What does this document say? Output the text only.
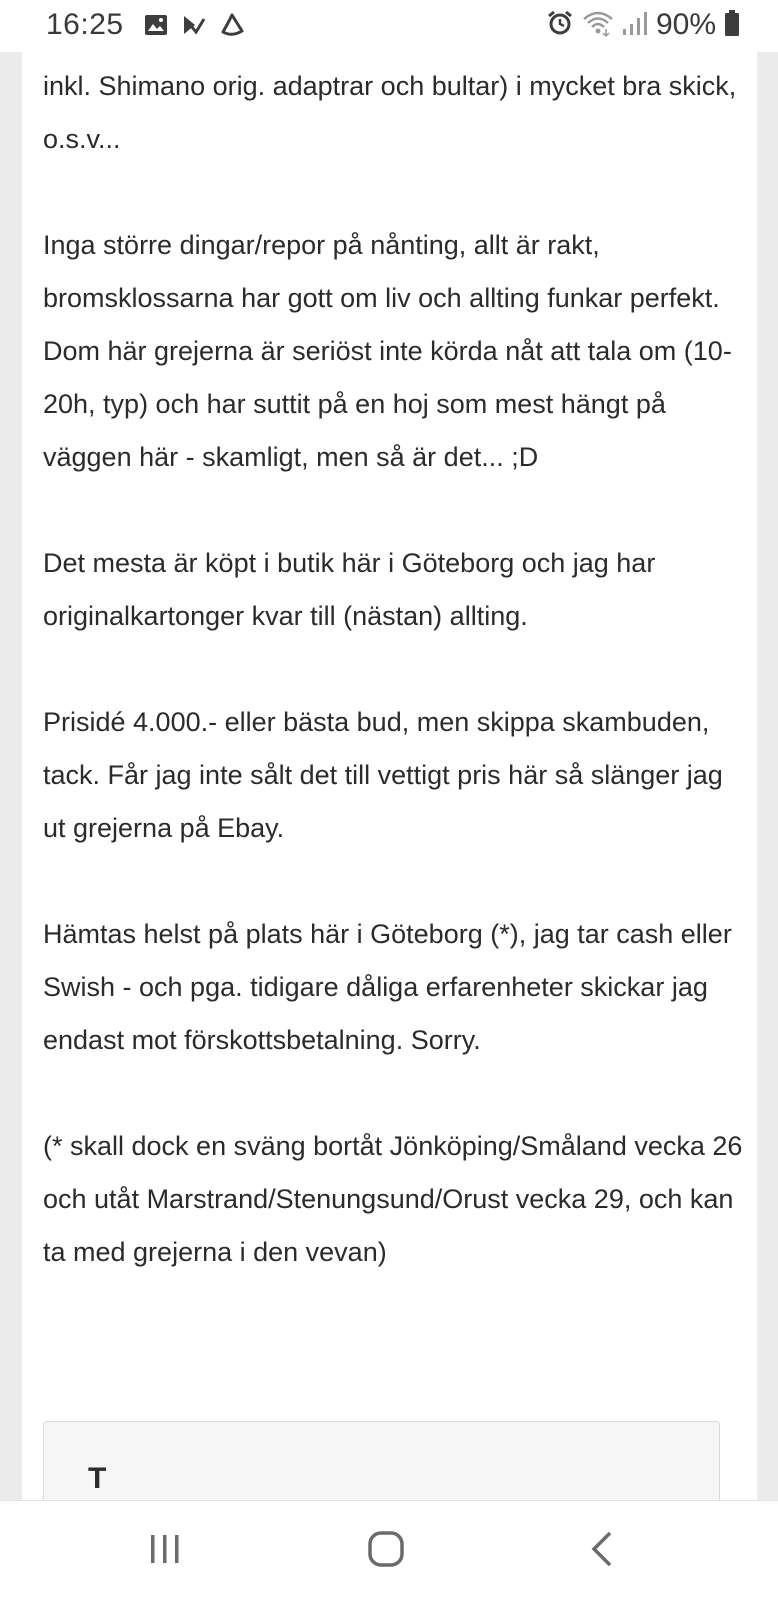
16:25	90%

inkl. Shimano orig. adaptrar och bultar) i mycket bra skick, o.s.v...

Inga större dingar/repor på nånting, allt är rakt, bromsklossarna har gott om liv och allting funkar perfekt. Dom här grejerna är seriöst inte körda nåt att tala om (10-20h, typ) och har suttit på en hoj som mest hängt på väggen här - skamligt, men så är det... ;D

Det mesta är köpt i butik här i Göteborg och jag har originalkartonger kvar till (nästan) allting.

Prisidé 4.000.- eller bästa bud, men skippa skambuden, tack. Får jag inte sålt det till vettigt pris här så slänger jag ut grejerna på Ebay.

Hämtas helst på plats här i Göteborg (*), jag tar cash eller Swish - och pga. tidigare dåliga erfarenheter skickar jag endast mot förskottsbetalning. Sorry.

(* skall dock en sväng bortåt Jönköping/Småland vecka 26 och utåt Marstrand/Stenungsund/Orust vecka 29, och kan ta med grejerna i den vevan)

T
